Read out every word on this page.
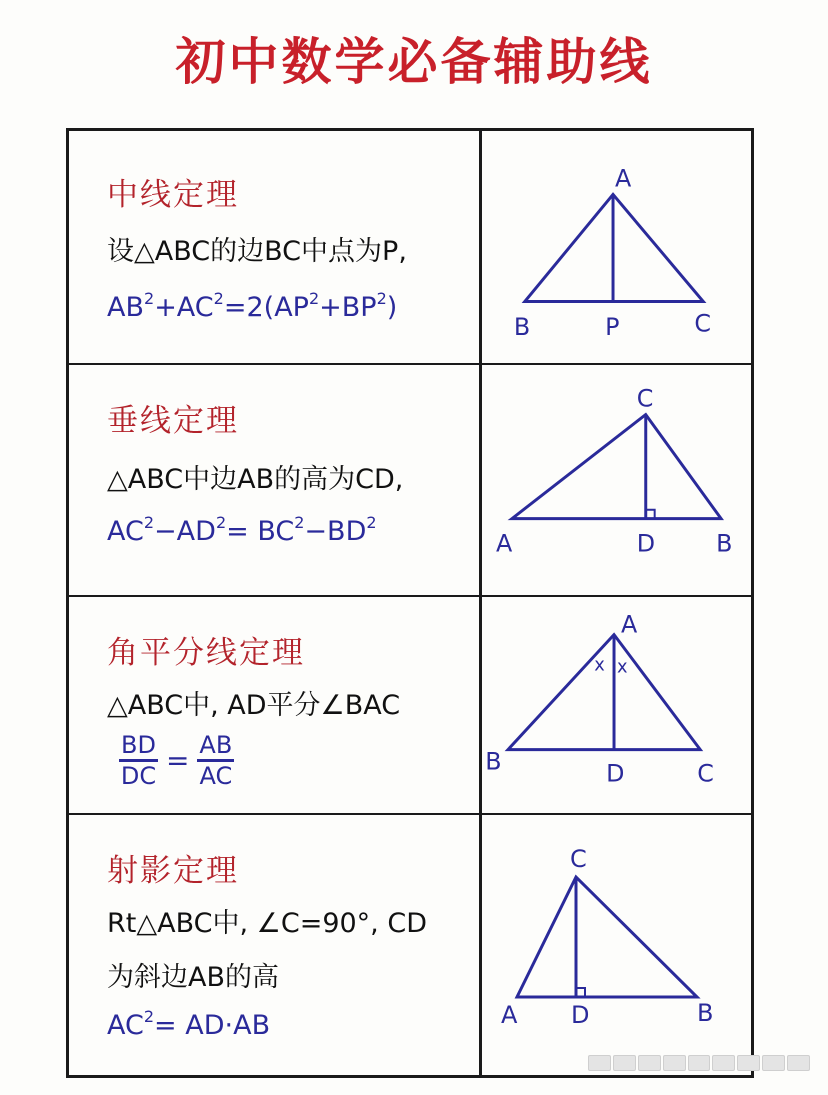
初中数学必备辅助线
中线定理
设△ABC的边BC中点为P,
$AB^2+AC^2=2(AP^2+BP^2)$
A
B	P	C
垂线定理
△ABC中边AB的高为CD,
$AC^2-AD^2= BC^2-BD^2$
C
A	D	B
角平分线定理
△ABC中, AD平分∠BAC
$\frac{BD}{DC} = \frac{AB}{AC}$
x x
A
B	D	C
射影定理
Rt△ABC中, ∠C=90°, CD
为斜边AB的高
$AC^2= AD\cdot AB$
C
A D	B
